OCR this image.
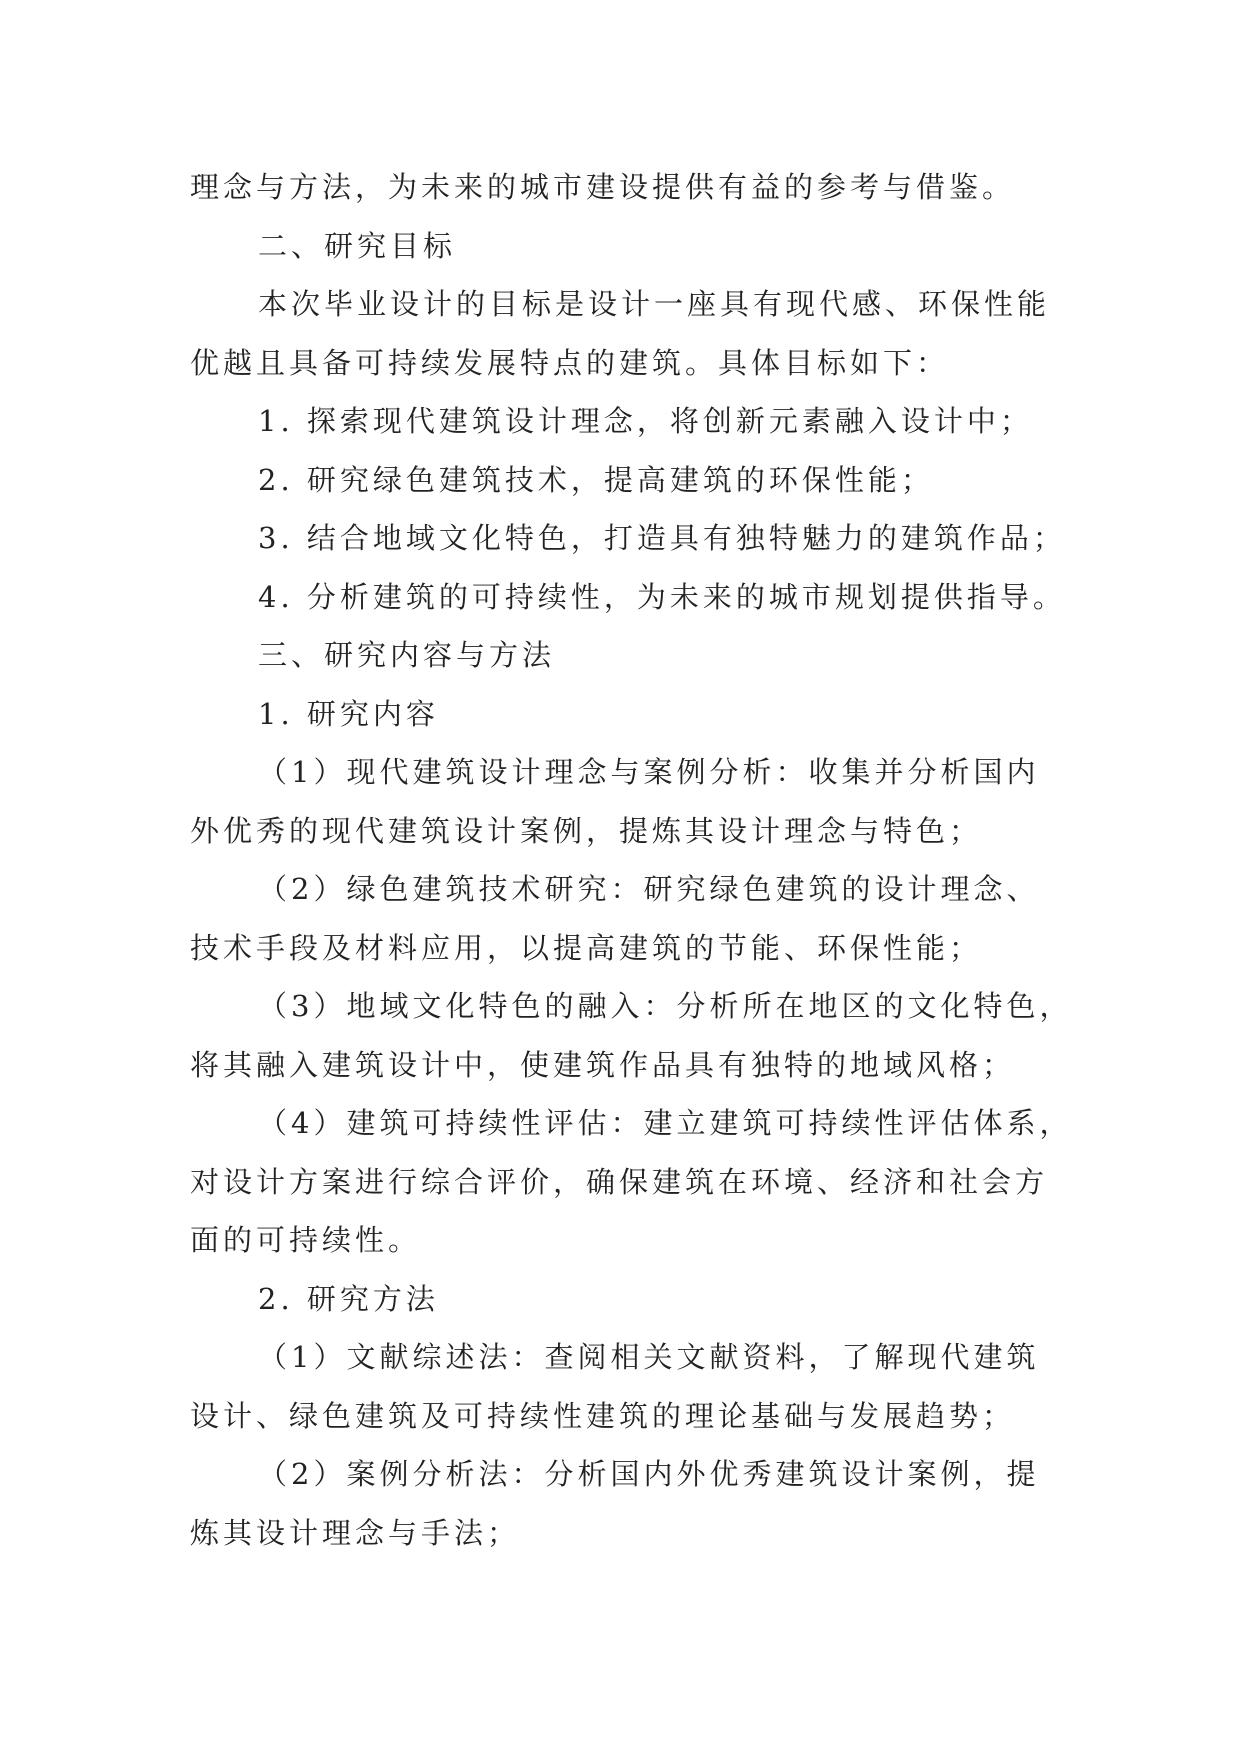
理念与方法，为未来的城市建设提供有益的参考与借鉴。
二、研究目标
本次毕业设计的目标是设计一座具有现代感、环保性能
优越且具备可持续发展特点的建筑。具体目标如下：
1. 探索现代建筑设计理念，将创新元素融入设计中；
2. 研究绿色建筑技术，提高建筑的环保性能；
3. 结合地域文化特色，打造具有独特魅力的建筑作品；
4. 分析建筑的可持续性，为未来的城市规划提供指导。
三、研究内容与方法
1. 研究内容
（1）现代建筑设计理念与案例分析：收集并分析国内
外优秀的现代建筑设计案例，提炼其设计理念与特色；
（2）绿色建筑技术研究：研究绿色建筑的设计理念、
技术手段及材料应用，以提高建筑的节能、环保性能；
（3）地域文化特色的融入：分析所在地区的文化特色，
将其融入建筑设计中，使建筑作品具有独特的地域风格；
（4）建筑可持续性评估：建立建筑可持续性评估体系，
对设计方案进行综合评价，确保建筑在环境、经济和社会方
面的可持续性。
2. 研究方法
（1）文献综述法：查阅相关文献资料，了解现代建筑
设计、绿色建筑及可持续性建筑的理论基础与发展趋势；
（2）案例分析法：分析国内外优秀建筑设计案例，提
炼其设计理念与手法；
